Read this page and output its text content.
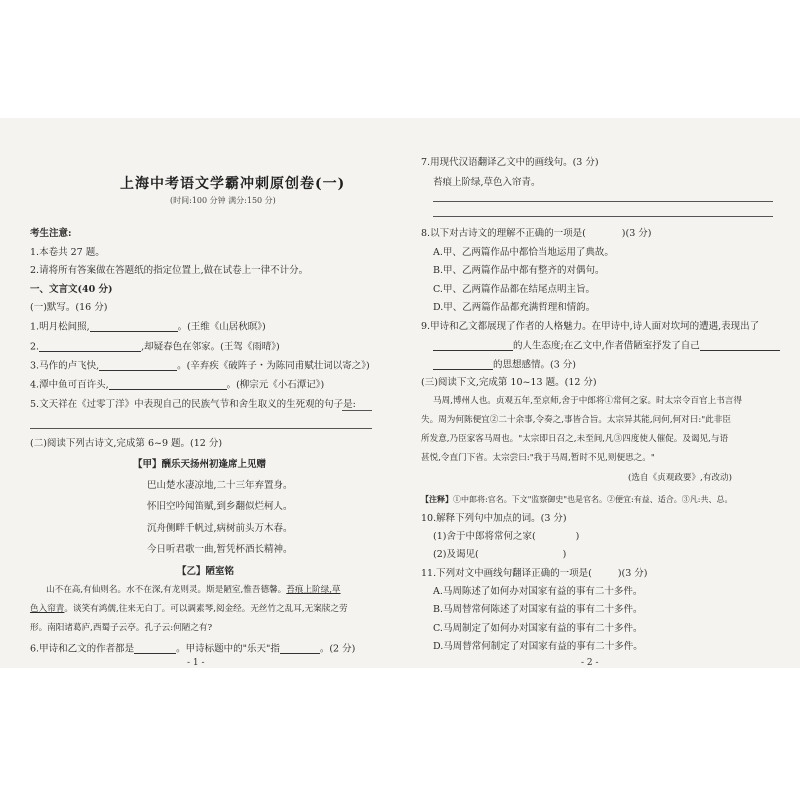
上海中考语文学霸冲刺原创卷(一)
(时间:100 分钟 满分:150 分)
考生注意:
1.本卷共 27 题。
2.请将所有答案做在答题纸的指定位置上,做在试卷上一律不计分。
一、文言文(40 分)
(一)默写。(16 分)
1.明月松间照,	。(王维《山居秋暝》)
2.	,却疑春色在邻家。(王驾《雨晴》)
3.马作的卢飞快,	。(辛弃疾《破阵子・为陈同甫赋壮词以寄之》)
4.潭中鱼可百许头,	。(柳宗元《小石潭记》)
5.文天祥在《过零丁洋》中表现自己的民族气节和舍生取义的生死观的句子是:
(二)阅读下列古诗文,完成第 6~9 题。(12 分)
【甲】酬乐天扬州初逢席上见赠
巴山楚水凄凉地,二十三年弃置身。
怀旧空吟闻笛赋,到乡翻似烂柯人。
沉舟侧畔千帆过,病树前头万木春。
今日听君歌一曲,暂凭杯酒长精神。
【乙】陋室铭
山不在高,有仙则名。水不在深,有龙则灵。斯是陋室,惟吾德馨。苔痕上阶绿,草
色入帘青。谈笑有鸿儒,往来无白丁。可以调素琴,阅金经。无丝竹之乱耳,无案牍之劳
形。南阳诸葛庐,西蜀子云亭。孔子云:何陋之有?
6.甲诗和乙文的作者都是	。甲诗标题中的"乐天"指	。(2 分)
- 1 -
7.用现代汉语翻译乙文中的画线句。(3 分)
苔痕上阶绿,草色入帘青。
8.以下对古诗文的理解不正确的一项是(	)(3 分)
A.甲、乙两篇作品中都恰当地运用了典故。
B.甲、乙两篇作品中都有整齐的对偶句。
C.甲、乙两篇作品都在结尾点明主旨。
D.甲、乙两篇作品都充满哲理和情韵。
9.甲诗和乙文都展现了作者的人格魅力。在甲诗中,诗人面对坎坷的遭遇,表现出了
的人生态度;在乙文中,作者借陋室抒发了自己
的思想感情。(3 分)
(三)阅读下文,完成第 10~13 题。(12 分)
马周,博州人也。贞观五年,至京师,舍于中郎将①常何之家。时太宗令百官上书言得
失。周为何陈便宜②二十余事,令奏之,事皆合旨。太宗异其能,问何,何对曰:"此非臣
所发意,乃臣家客马周也。"太宗即日召之,未至间,凡③四度使人催促。及谒见,与语
甚悦,令直门下省。太宗尝曰:"我于马周,暂时不见,则便思之。"
(选自《贞观政要》,有改动)
【注释】①中郎将:官名。下文"监察御史"也是官名。②便宜:有益、适合。③凡:共、总。
10.解释下列句中加点的词。(3 分)
(1)舍于中郎将常何之家(	)
(2)及谒见(	)
11.下列对文中画线句翻译正确的一项是(	)(3 分)
A.马周陈述了如何办对国家有益的事有二十多件。
B.马周替常何陈述了对国家有益的事有二十多件。
C.马周制定了如何办对国家有益的事有二十多件。
D.马周替常何制定了对国家有益的事有二十多件。
- 2 -
